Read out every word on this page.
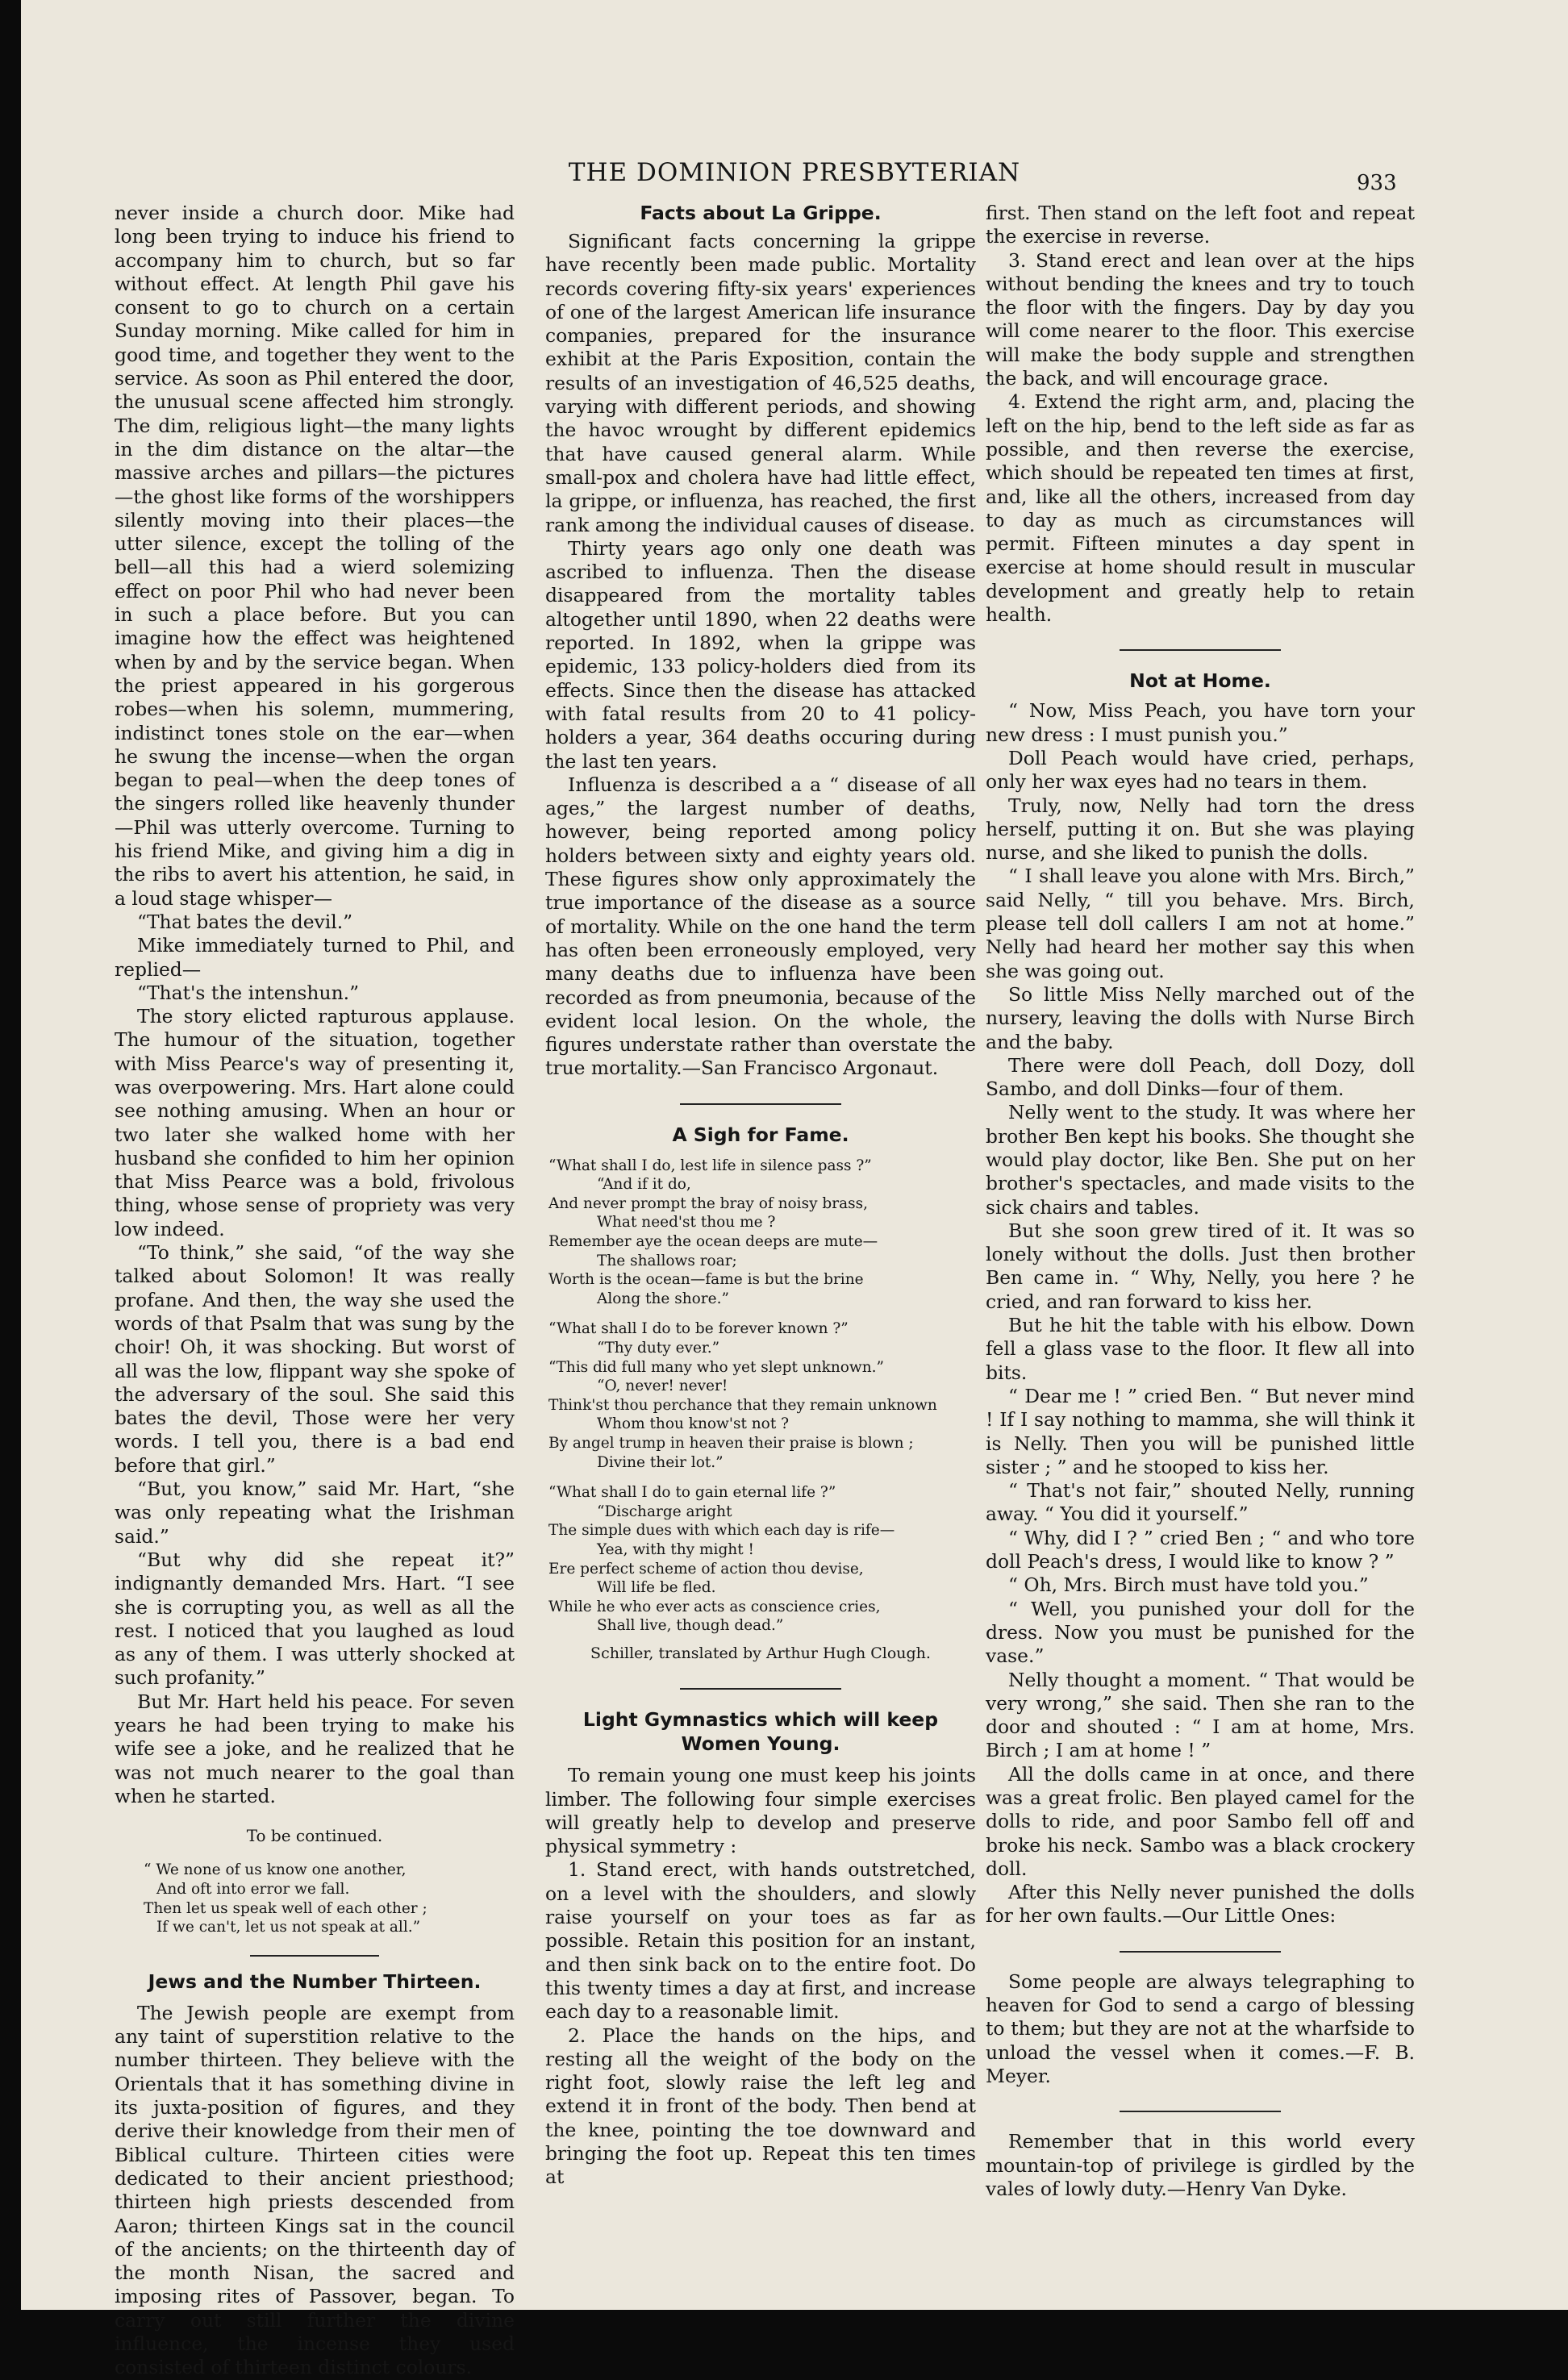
THE DOMINION PRESBYTERIAN	933

never inside a church door. Mike had long been trying to induce his friend to accompany him to church, but so far without effect. At length Phil gave his consent to go to church on a certain Sunday morning. Mike called for him in good time, and together they went to the service. As soon as Phil entered the door, the unusual scene affected him strongly. The dim, religious light—the many lights in the dim distance on the altar—the massive arches and pillars—the pictures—the ghost like forms of the worshippers silently moving into their places—the utter silence, except the tolling of the bell—all this had a wierd solemizing effect on poor Phil who had never been in such a place before. But you can imagine how the effect was heightened when by and by the service began. When the priest appeared in his gorgerous robes—when his solemn, mummering, indistinct tones stole on the ear—when he swung the incense—when the organ began to peal—when the deep tones of the singers rolled like heavenly thunder—Phil was utterly overcome. Turning to his friend Mike, and giving him a dig in the ribs to avert his attention, he said, in a loud stage whisper—

“That bates the devil.”

Mike immediately turned to Phil, and replied—

“That's the intenshun.”

The story elicted rapturous applause. The humour of the situation, together with Miss Pearce's way of presenting it, was overpowering. Mrs. Hart alone could see nothing amusing. When an hour or two later she walked home with her husband she confided to him her opinion that Miss Pearce was a bold, frivolous thing, whose sense of propriety was very low indeed.

“To think,” she said, “of the way she talked about Solomon! It was really profane. And then, the way she used the words of that Psalm that was sung by the choir! Oh, it was shocking. But worst of all was the low, flippant way she spoke of the adversary of the soul. She said this bates the devil, Those were her very words. I tell you, there is a bad end before that girl.”

“But, you know,” said Mr. Hart, “she was only repeating what the Irishman said.”

“But why did she repeat it?” indignantly demanded Mrs. Hart. “I see she is corrupting you, as well as all the rest. I noticed that you laughed as loud as any of them. I was utterly shocked at such profanity.”

But Mr. Hart held his peace. For seven years he had been trying to make his wife see a joke, and he realized that he was not much nearer to the goal than when he started.

To be continued.
“ We none of us know one another,
And oft into error we fall.
Then let us speak well of each other ;
If we can't, let us not speak at all.”
Jews and the Number Thirteen.

The Jewish people are exempt from any taint of superstition relative to the number thirteen. They believe with the Orientals that it has something divine in its juxta-position of figures, and they derive their knowledge from their men of Biblical culture. Thirteen cities were dedicated to their ancient priesthood; thirteen high priests descended from Aaron; thirteen Kings sat in the council of the ancients; on the thirteenth day of the month Nisan, the sacred and imposing rites of Passover, began. To carry out still further the divine influence, the incense they used consisted of thirteen distinct colours.

Facts about La Grippe.

Significant facts concerning la grippe have recently been made public. Mortality records covering fifty-six years' experiences of one of the largest American life insurance companies, prepared for the insurance exhibit at the Paris Exposition, contain the results of an investigation of 46,525 deaths, varying with different periods, and showing the havoc wrought by different epidemics that have caused general alarm. While small-pox and cholera have had little effect, la grippe, or influenza, has reached, the first rank among the individual causes of disease.

Thirty years ago only one death was ascribed to influenza. Then the disease disappeared from the mortality tables altogether until 1890, when 22 deaths were reported. In 1892, when la grippe was epidemic, 133 policy-holders died from its effects. Since then the disease has attacked with fatal results from 20 to 41 policy-holders a year, 364 deaths occuring during the last ten years.

Influenza is described a a “ disease of all ages,” the largest number of deaths, however, being reported among policy holders between sixty and eighty years old. These figures show only approximately the true importance of the disease as a source of mortality. While on the one hand the term has often been erroneously employed, very many deaths due to influenza have been recorded as from pneumonia, because of the evident local lesion. On the whole, the figures understate rather than overstate the true mortality.—San Francisco Argonaut.

A Sigh for Fame.
“What shall I do, lest life in silence pass ?”
“And if it do,
And never prompt the bray of noisy brass,
What need'st thou me ?
Remember aye the ocean deeps are mute—
The shallows roar;
Worth is the ocean—fame is but the brine
Along the shore.”
“What shall I do to be forever known ?”
“Thy duty ever.”
“This did full many who yet slept unknown.”
“O, never! never!
Think'st thou perchance that they remain unknown
Whom thou know'st not ?
By angel trump in heaven their praise is blown ;
Divine their lot.”
“What shall I do to gain eternal life ?”
“Discharge aright
The simple dues with which each day is rife—
Yea, with thy might !
Ere perfect scheme of action thou devise,
Will life be fled.
While he who ever acts as conscience cries,
Shall live, though dead.”
Schiller, translated by Arthur Hugh Clough.
Light Gymnastics which will keep
Women Young.

To remain young one must keep his joints limber. The following four simple exercises will greatly help to develop and preserve physical symmetry :

1. Stand erect, with hands outstretched, on a level with the shoulders, and slowly raise yourself on your toes as far as possible. Retain this position for an instant, and then sink back on to the entire foot. Do this twenty times a day at first, and increase each day to a reasonable limit.

2. Place the hands on the hips, and resting all the weight of the body on the right foot, slowly raise the left leg and extend it in front of the body. Then bend at the knee, pointing the toe downward and bringing the foot up. Repeat this ten times at

first. Then stand on the left foot and repeat the exercise in reverse.

3. Stand erect and lean over at the hips without bending the knees and try to touch the floor with the fingers. Day by day you will come nearer to the floor. This exercise will make the body supple and strengthen the back, and will encourage grace.

4. Extend the right arm, and, placing the left on the hip, bend to the left side as far as possible, and then reverse the exercise, which should be repeated ten times at first, and, like all the others, increased from day to day as much as circumstances will permit. Fifteen minutes a day spent in exercise at home should result in muscular development and greatly help to retain health.

Not at Home.

“ Now, Miss Peach, you have torn your new dress : I must punish you.”

Doll Peach would have cried, perhaps, only her wax eyes had no tears in them.

Truly, now, Nelly had torn the dress herself, putting it on. But she was playing nurse, and she liked to punish the dolls.

“ I shall leave you alone with Mrs. Birch,” said Nelly, “ till you behave. Mrs. Birch, please tell doll callers I am not at home.” Nelly had heard her mother say this when she was going out.

So little Miss Nelly marched out of the nursery, leaving the dolls with Nurse Birch and the baby.

There were doll Peach, doll Dozy, doll Sambo, and doll Dinks—four of them.

Nelly went to the study. It was where her brother Ben kept his books. She thought she would play doctor, like Ben. She put on her brother's spectacles, and made visits to the sick chairs and tables.

But she soon grew tired of it. It was so lonely without the dolls. Just then brother Ben came in. “ Why, Nelly, you here ? he cried, and ran forward to kiss her.

But he hit the table with his elbow. Down fell a glass vase to the floor. It flew all into bits.

“ Dear me ! ” cried Ben. “ But never mind ! If I say nothing to mamma, she will think it is Nelly. Then you will be punished little sister ; ” and he stooped to kiss her.

“ That's not fair,” shouted Nelly, running away. “ You did it yourself.”

“ Why, did I ? ” cried Ben ; “ and who tore doll Peach's dress, I would like to know ? ”

“ Oh, Mrs. Birch must have told you.”

“ Well, you punished your doll for the dress. Now you must be punished for the vase.”

Nelly thought a moment. “ That would be very wrong,” she said. Then she ran to the door and shouted : “ I am at home, Mrs. Birch ; I am at home ! ”

All the dolls came in at once, and there was a great frolic. Ben played camel for the dolls to ride, and poor Sambo fell off and broke his neck. Sambo was a black crockery doll.

After this Nelly never punished the dolls for her own faults.—Our Little Ones:

Some people are always telegraphing to heaven for God to send a cargo of blessing to them; but they are not at the wharfside to unload the vessel when it comes.—F. B. Meyer.

Remember that in this world every mountain-top of privilege is girdled by the vales of lowly duty.—Henry Van Dyke.
